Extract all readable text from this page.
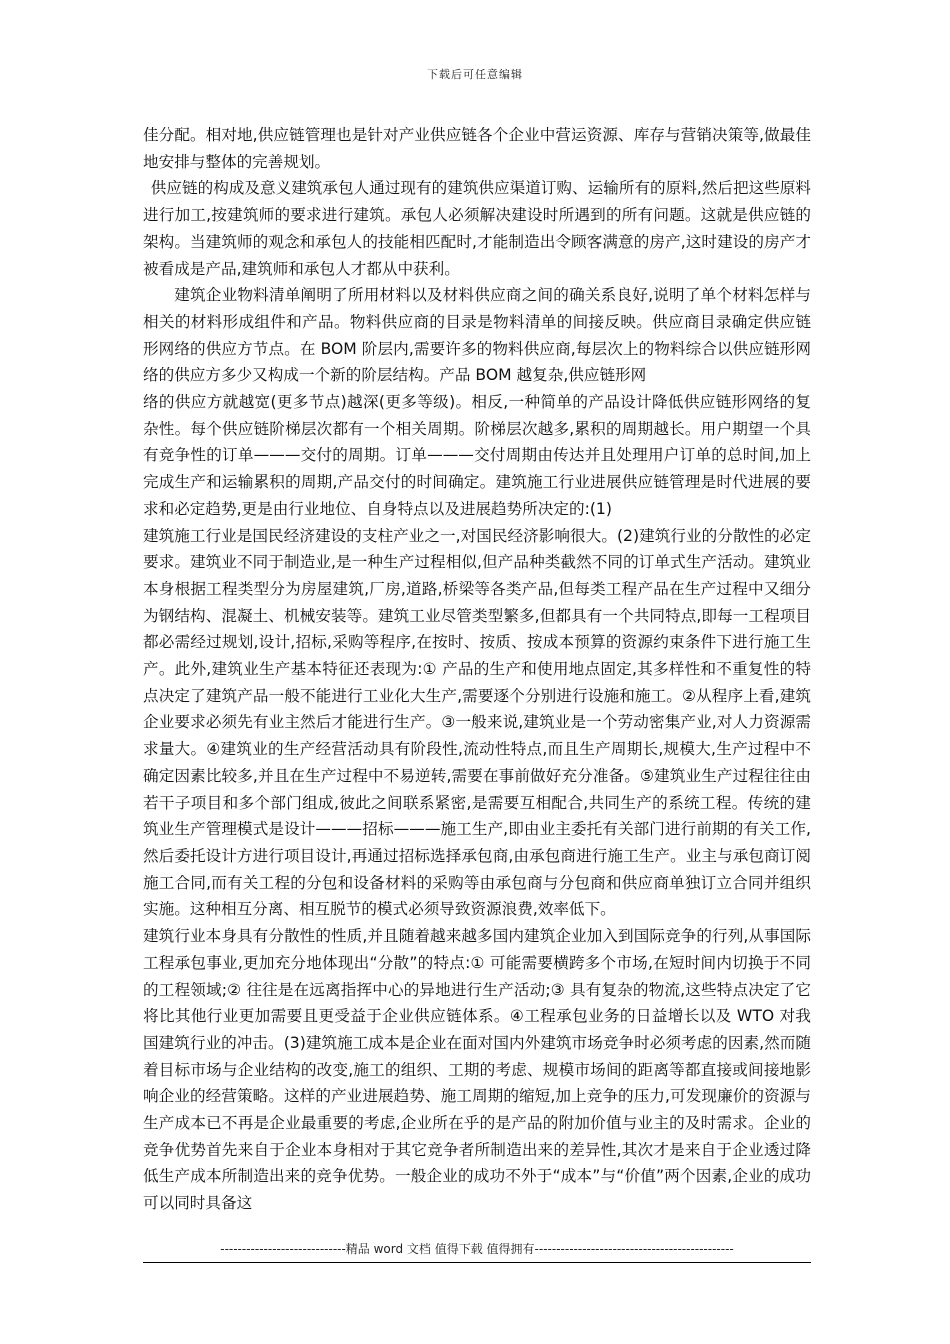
下载后可任意编辑

佳分配。相对地,供应链管理也是针对产业供应链各个企业中营运资源、库存与营销决策等,做最佳地安排与整体的完善规划。

供应链的构成及意义建筑承包人通过现有的建筑供应渠道订购、运输所有的原料,然后把这些原料进行加工,按建筑师的要求进行建筑。承包人必须解决建设时所遇到的所有问题。这就是供应链的架构。当建筑师的观念和承包人的技能相匹配时,才能制造出令顾客满意的房产,这时建设的房产才被看成是产品,建筑师和承包人才都从中获利。

建筑企业物料清单阐明了所用材料以及材料供应商之间的确关系良好,说明了单个材料怎样与相关的材料形成组件和产品。物料供应商的目录是物料清单的间接反映。供应商目录确定供应链形网络的供应方节点。在 BOM 阶层内,需要许多的物料供应商,每层次上的物料综合以供应链形网络的供应方多少又构成一个新的阶层结构。产品 BOM 越复杂,供应链形网

络的供应方就越宽(更多节点)越深(更多等级)。相反,一种简单的产品设计降低供应链形网络的复杂性。每个供应链阶梯层次都有一个相关周期。阶梯层次越多,累积的周期越长。用户期望一个具有竞争性的订单———交付的周期。订单———交付周期由传达并且处理用户订单的总时间,加上完成生产和运输累积的周期,产品交付的时间确定。建筑施工行业进展供应链管理是时代进展的要求和必定趋势,更是由行业地位、自身特点以及进展趋势所决定的:(1)

建筑施工行业是国民经济建设的支柱产业之一,对国民经济影响很大。(2)建筑行业的分散性的必定要求。建筑业不同于制造业,是一种生产过程相似,但产品种类截然不同的订单式生产活动。建筑业本身根据工程类型分为房屋建筑,厂房,道路,桥梁等各类产品,但每类工程产品在生产过程中又细分为钢结构、混凝土、机械安装等。建筑工业尽管类型繁多,但都具有一个共同特点,即每一工程项目都必需经过规划,设计,招标,采购等程序,在按时、按质、按成本预算的资源约束条件下进行施工生产。此外,建筑业生产基本特征还表现为:① 产品的生产和使用地点固定,其多样性和不重复性的特点决定了建筑产品一般不能进行工业化大生产,需要逐个分别进行设施和施工。②从程序上看,建筑企业要求必须先有业主然后才能进行生产。③一般来说,建筑业是一个劳动密集产业,对人力资源需求量大。④建筑业的生产经营活动具有阶段性,流动性特点,而且生产周期长,规模大,生产过程中不确定因素比较多,并且在生产过程中不易逆转,需要在事前做好充分准备。⑤建筑业生产过程往往由若干子项目和多个部门组成,彼此之间联系紧密,是需要互相配合,共同生产的系统工程。传统的建筑业生产管理模式是设计———招标———施工生产,即由业主委托有关部门进行前期的有关工作,然后委托设计方进行项目设计,再通过招标选择承包商,由承包商进行施工生产。业主与承包商订阅施工合同,而有关工程的分包和设备材料的采购等由承包商与分包商和供应商单独订立合同并组织实施。这种相互分离、相互脱节的模式必须导致资源浪费,效率低下。

建筑行业本身具有分散性的性质,并且随着越来越多国内建筑企业加入到国际竞争的行列,从事国际工程承包事业,更加充分地体现出“分散”的特点:① 可能需要横跨多个市场,在短时间内切换于不同的工程领域;② 往往是在远离指挥中心的异地进行生产活动;③ 具有复杂的物流,这些特点决定了它将比其他行业更加需要且更受益于企业供应链体系。④工程承包业务的日益增长以及 WTO 对我国建筑行业的冲击。(3)建筑施工成本是企业在面对国内外建筑市场竞争时必须考虑的因素,然而随着目标市场与企业结构的改变,施工的组织、工期的考虑、规模市场间的距离等都直接或间接地影响企业的经营策略。这样的产业进展趋势、施工周期的缩短,加上竞争的压力,可发现廉价的资源与生产成本已不再是企业最重要的考虑,企业所在乎的是产品的附加价值与业主的及时需求。企业的竞争优势首先来自于企业本身相对于其它竞争者所制造出来的差异性,其次才是来自于企业透过降低生产成本所制造出来的竞争优势。一般企业的成功不外于“成本”与“价值”两个因素,企业的成功可以同时具备这

-----------------------------精品 word 文档 值得下载 值得拥有----------------------------------------------
